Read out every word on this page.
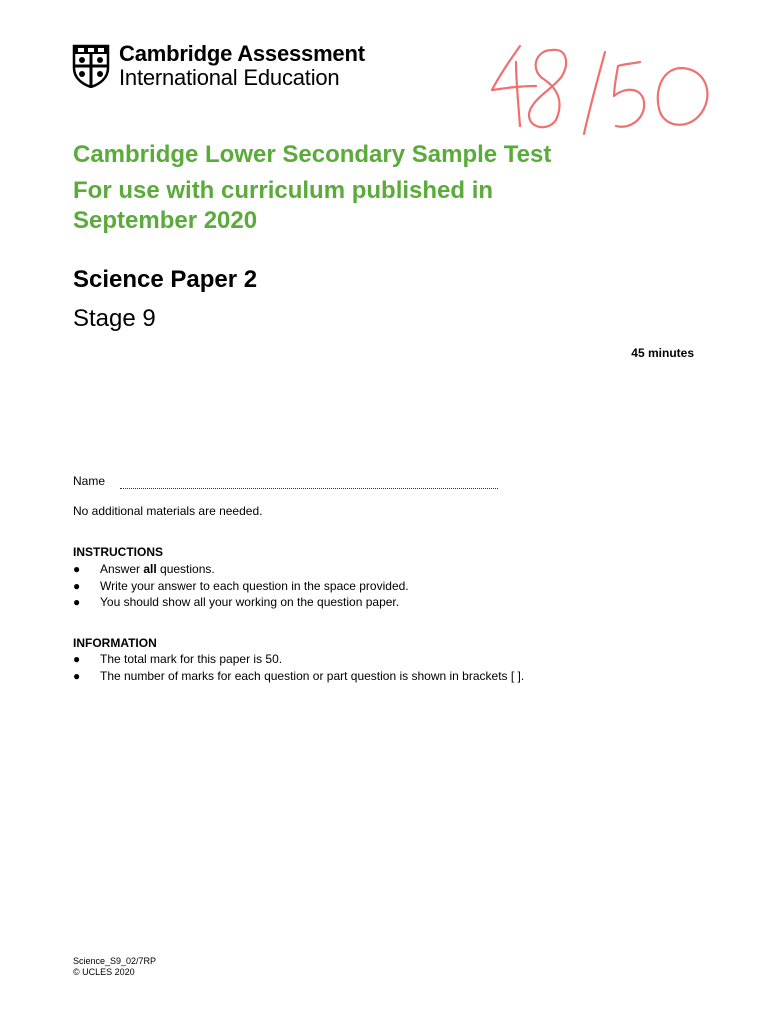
Cambridge Assessment
International Education
Cambridge Lower Secondary Sample Test
For use with curriculum published in
September 2020
Science Paper 2
Stage 9
45 minutes
Name
No additional materials are needed.
INSTRUCTIONS
● Answer all questions.
● Write your answer to each question in the space provided.
● You should show all your working on the question paper.
INFORMATION
● The total mark for this paper is 50.
● The number of marks for each question or part question is shown in brackets [ ].
Science_S9_02/7RP
© UCLES 2020
